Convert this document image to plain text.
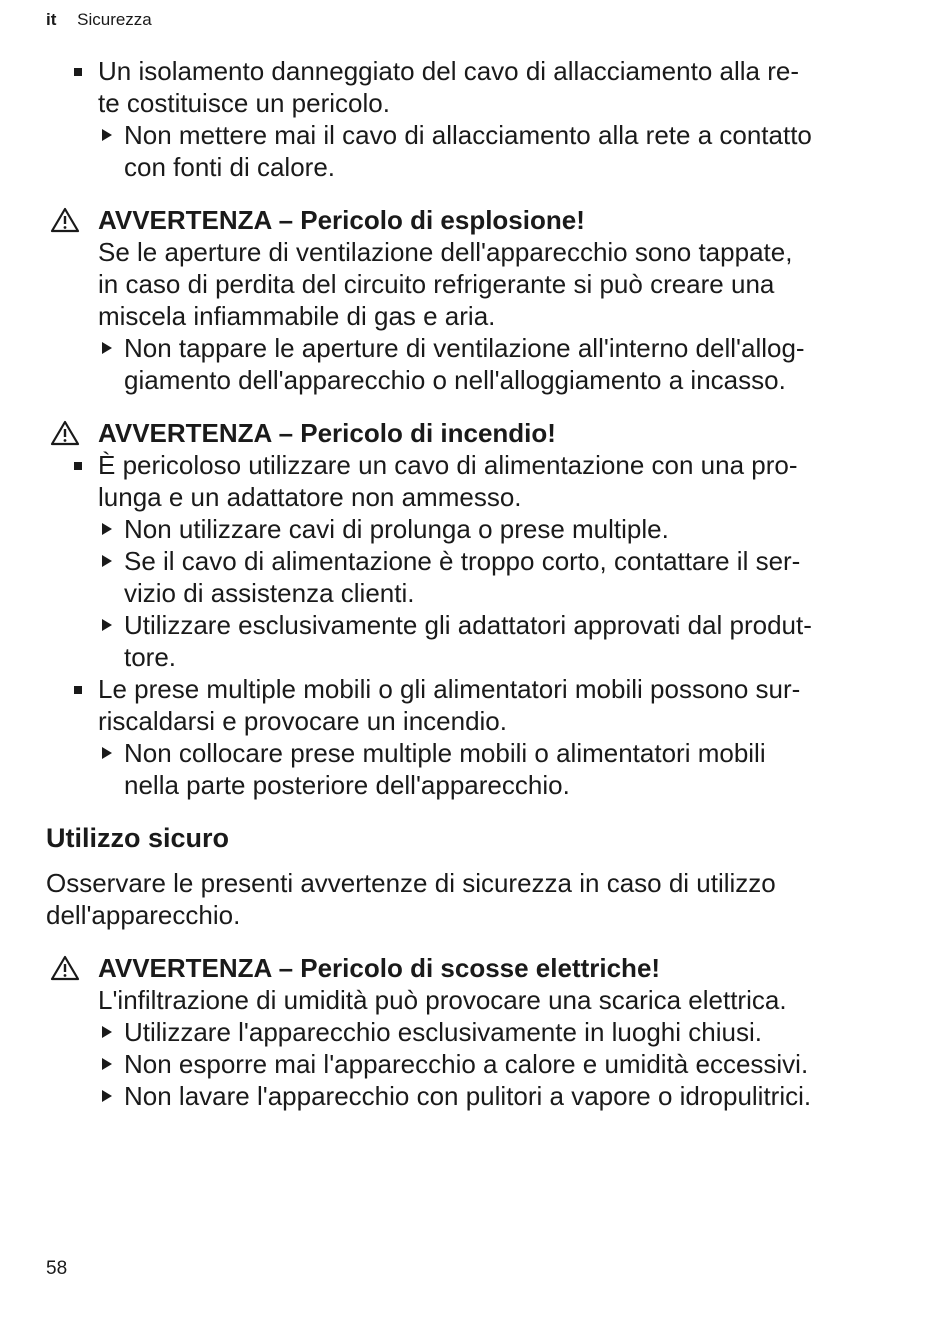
it Sicurezza
Un isolamento danneggiato del cavo di allacciamento alla re-
te costituisce un pericolo.
Non mettere mai il cavo di allacciamento alla rete a contatto
con fonti di calore.
AVVERTENZA – Pericolo di esplosione!
Se le aperture di ventilazione dell'apparecchio sono tappate,
in caso di perdita del circuito refrigerante si può creare una
miscela infiammabile di gas e aria.
Non tappare le aperture di ventilazione all'interno dell'allog-
giamento dell'apparecchio o nell'alloggiamento a incasso.
AVVERTENZA – Pericolo di incendio!
È pericoloso utilizzare un cavo di alimentazione con una pro-
lunga e un adattatore non ammesso.
Non utilizzare cavi di prolunga o prese multiple.
Se il cavo di alimentazione è troppo corto, contattare il ser-
vizio di assistenza clienti.
Utilizzare esclusivamente gli adattatori approvati dal produt-
tore.
Le prese multiple mobili o gli alimentatori mobili possono sur-
riscaldarsi e provocare un incendio.
Non collocare prese multiple mobili o alimentatori mobili
nella parte posteriore dell'apparecchio.
Utilizzo sicuro
Osservare le presenti avvertenze di sicurezza in caso di utilizzo
dell'apparecchio.
AVVERTENZA – Pericolo di scosse elettriche!
L'infiltrazione di umidità può provocare una scarica elettrica.
Utilizzare l'apparecchio esclusivamente in luoghi chiusi.
Non esporre mai l'apparecchio a calore e umidità eccessivi.
Non lavare l'apparecchio con pulitori a vapore o idropulitrici.
58
